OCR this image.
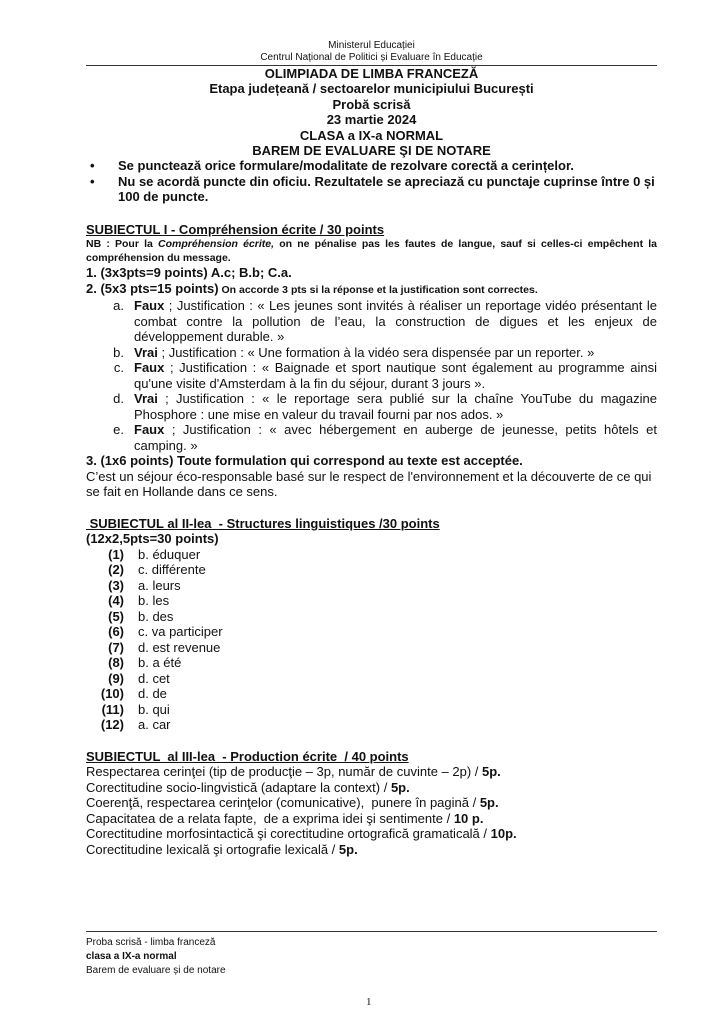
Ministerul Educației
Centrul Național de Politici și Evaluare în Educație
OLIMPIADA DE LIMBA FRANCEZĂ
Etapa județeană / sectoarelor municipiului București
Probă scrisă
23 martie 2024
CLASA a IX-a NORMAL
BAREM DE EVALUARE ŞI DE NOTARE
•	Se punctează orice formulare/modalitate de rezolvare corectă a cerințelor.
•	Nu se acordă puncte din oficiu. Rezultatele se apreciază cu punctaje cuprinse între 0 și 100 de puncte.
SUBIECTUL I - Compréhension écrite / 30 points
NB : Pour la Compréhension écrite, on ne pénalise pas les fautes de langue, sauf si celles-ci empêchent la compréhension du message.
1. (3x3pts=9 points) A.c; B.b; C.a.
2. (5x3 pts=15 points) On accorde 3 pts si la réponse et la justification sont correctes.
a. Faux ; Justification : « Les jeunes sont invités à réaliser un reportage vidéo présentant le combat contre la pollution de l’eau, la construction de digues et les enjeux de développement durable. »
b. Vrai ; Justification : « Une formation à la vidéo sera dispensée par un reporter. »
c. Faux ; Justification : « Baignade et sport nautique sont également au programme ainsi qu'une visite d'Amsterdam à la fin du séjour, durant 3 jours ».
d. Vrai ; Justification : « le reportage sera publié sur la chaîne YouTube du magazine Phosphore : une mise en valeur du travail fourni par nos ados. »
e. Faux ; Justification : « avec hébergement en auberge de jeunesse, petits hôtels et camping. »
3. (1x6 points) Toute formulation qui correspond au texte est acceptée.
C’est un séjour éco-responsable basé sur le respect de l'environnement et la découverte de ce qui se fait en Hollande dans ce sens.
SUBIECTUL al II-lea  - Structures linguistiques /30 points
(12x2,5pts=30 points)
(1)	b. éduquer
(2)	c. différente
(3)	a. leurs
(4)	b. les
(5)	b. des
(6)	c. va participer
(7)	d. est revenue
(8)	b. a été
(9)	d. cet
(10)	d. de
(11)	b. qui
(12)	a. car
SUBIECTUL  al III-lea  - Production écrite  / 40 points
Respectarea cerinţei (tip de producţie – 3p, număr de cuvinte – 2p) / 5p.
Corectitudine socio-lingvistică (adaptare la context) / 5p.
Coerenţă, respectarea cerinţelor (comunicative),  punere în pagină / 5p.
Capacitatea de a relata fapte,  de a exprima idei şi sentimente / 10 p.
Corectitudine morfosintactică şi corectitudine ortografică gramaticală / 10p.
Corectitudine lexicală şi ortografie lexicală / 5p.
Proba scrisă - limba franceză
clasa a IX-a normal
Barem de evaluare și de notare
1
